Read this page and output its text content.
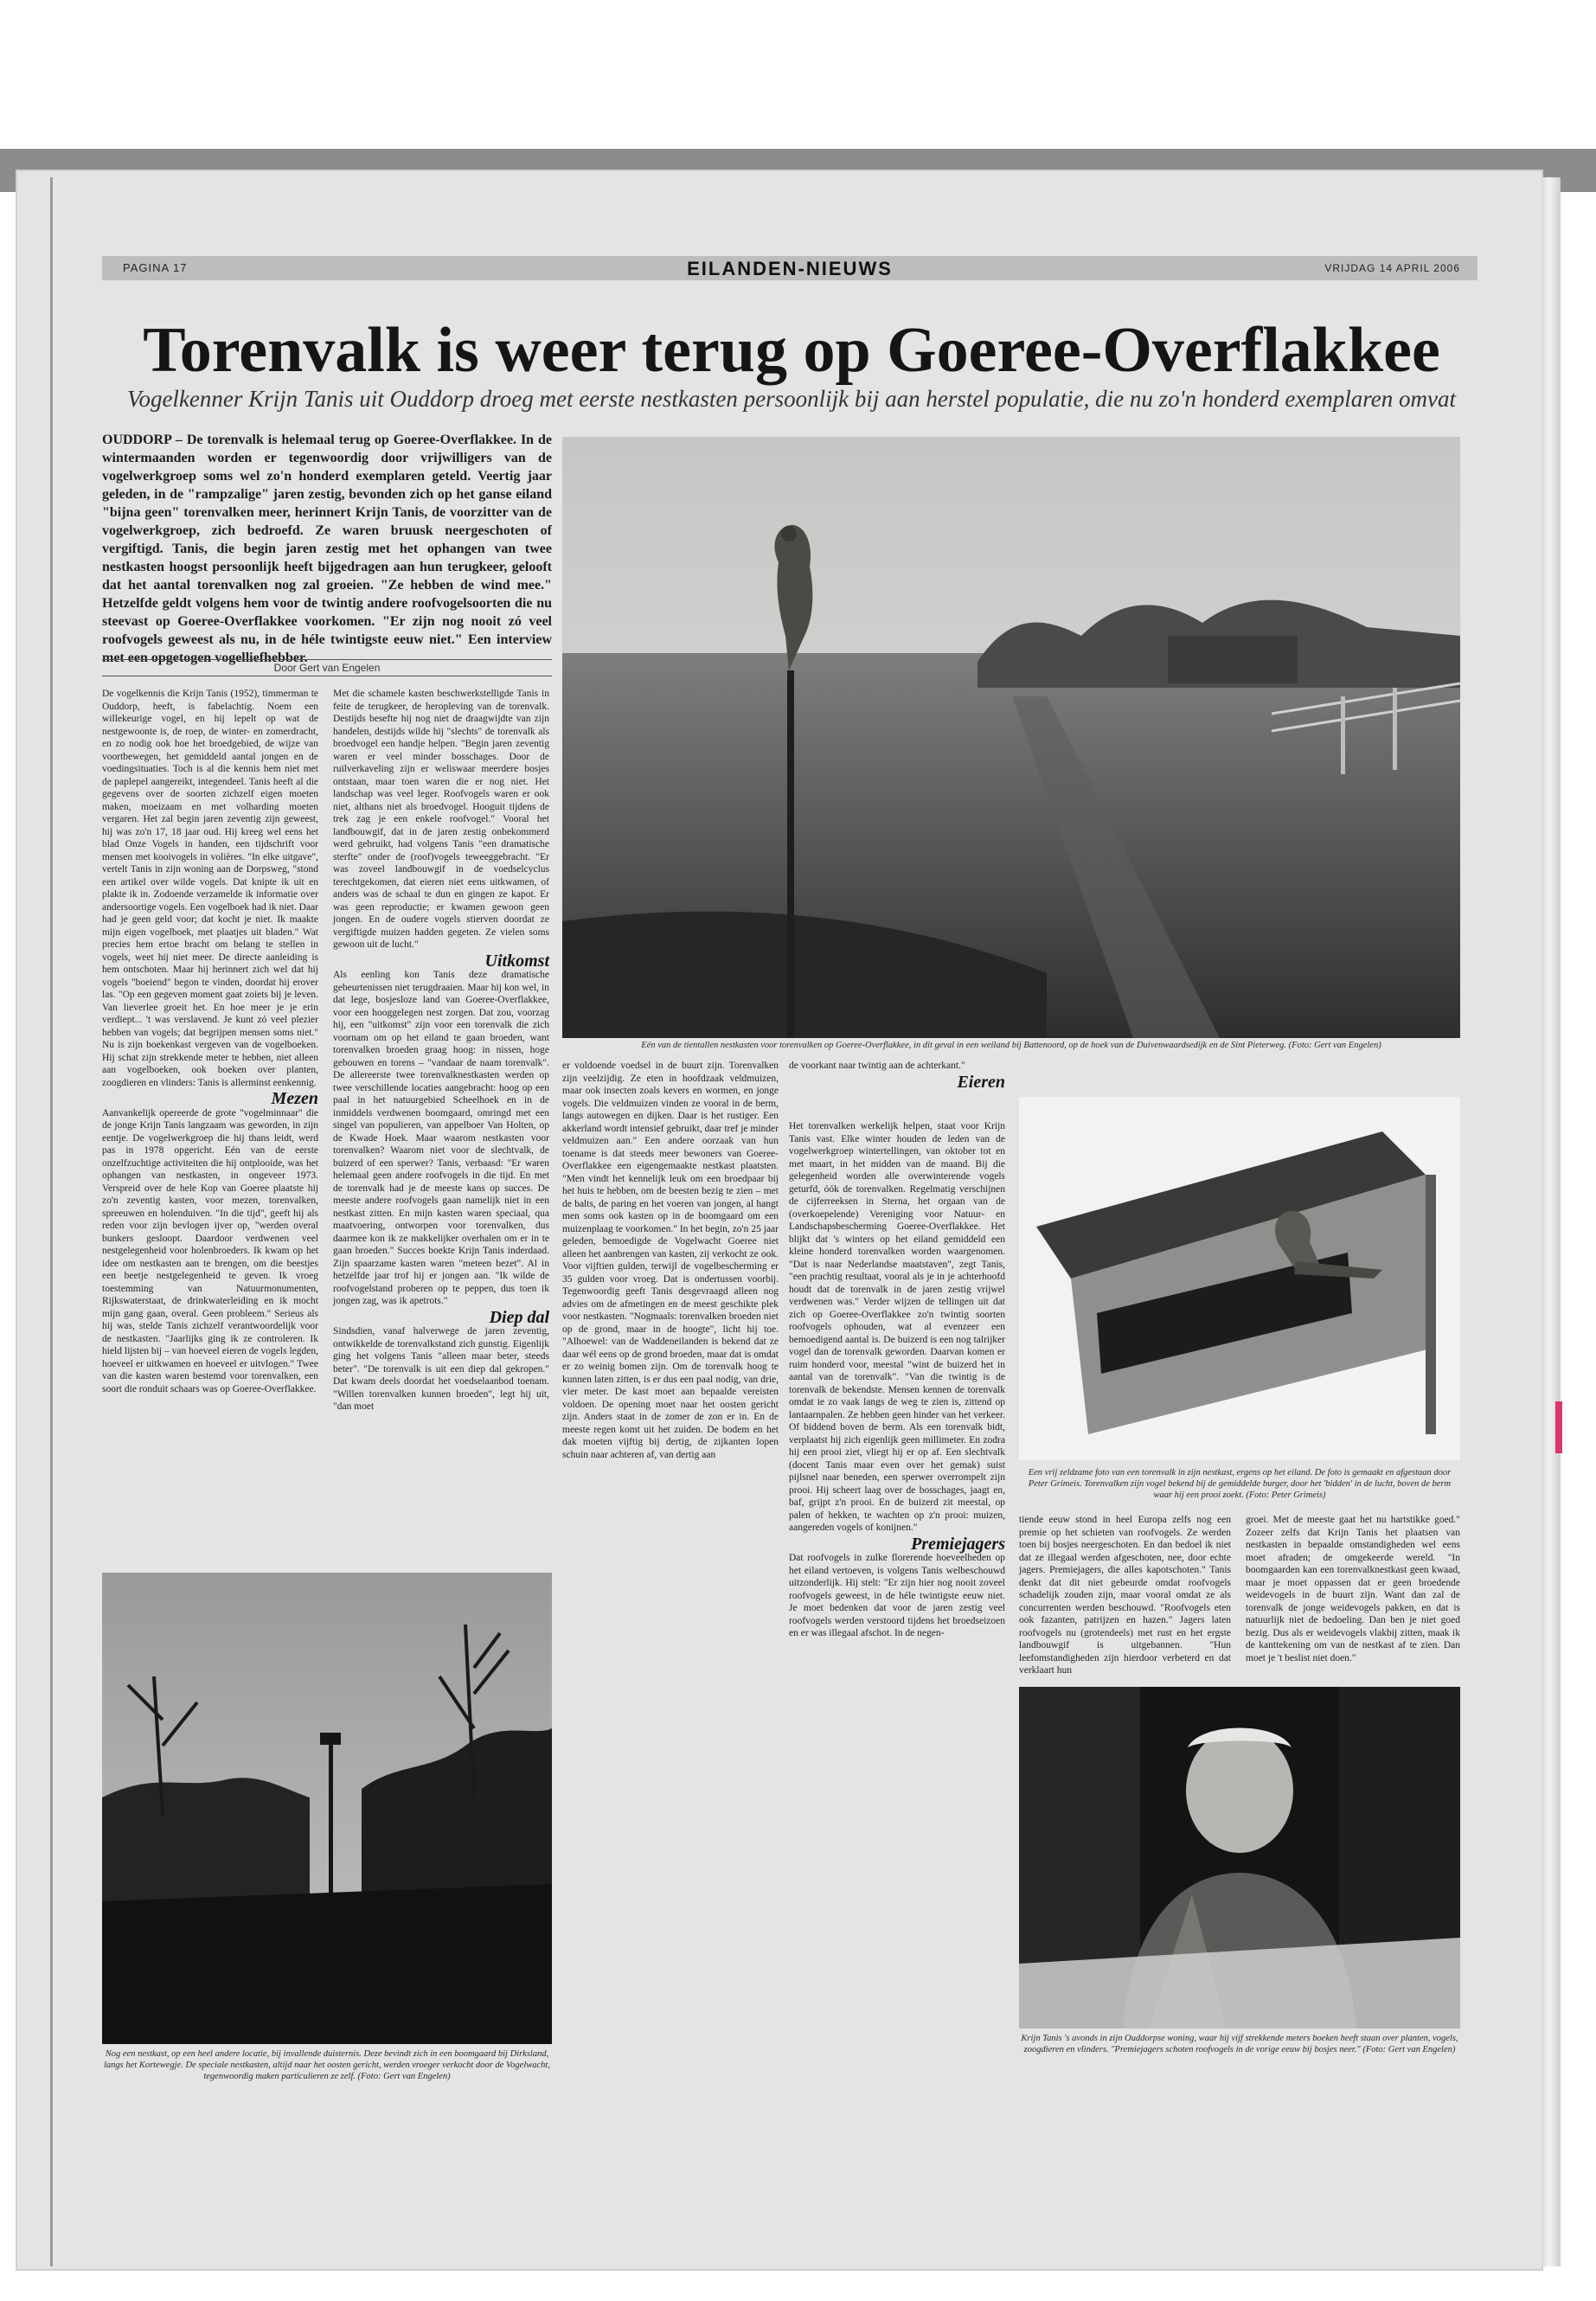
PAGINA 17	EILANDEN-NIEUWS	VRIJDAG 14 APRIL 2006
Torenvalk is weer terug op Goeree-Overflakkee

Vogelkenner Krijn Tanis uit Ouddorp droeg met eerste nestkasten persoonlijk bij aan herstel populatie, die nu zo'n honderd exemplaren omvat

OUDDORP – De torenvalk is helemaal terug op Goeree-Overflakkee. In de wintermaanden worden er tegenwoordig door vrijwilligers van de vogelwerkgroep soms wel zo'n honderd exemplaren geteld. Veertig jaar geleden, in de "rampzalige" jaren zestig, bevonden zich op het ganse eiland "bijna geen" torenvalken meer, herinnert Krijn Tanis, de voorzitter van de vogelwerkgroep, zich bedroefd. Ze waren bruusk neergeschoten of vergiftigd. Tanis, die begin jaren zestig met het ophangen van twee nestkasten hoogst persoonlijk heeft bijgedragen aan hun terugkeer, gelooft dat het aantal torenvalken nog zal groeien. "Ze hebben de wind mee." Hetzelfde geldt volgens hem voor de twintig andere roofvogelsoorten die nu steevast op Goeree-Overflakkee voorkomen. "Er zijn nog nooit zó veel roofvogels geweest als nu, in de héle twintigste eeuw niet." Een interview met een opgetogen vogelliefhebber.

Door Gert van Engelen

De vogelkennis die Krijn Tanis (1952), timmerman te Ouddorp, heeft, is fabelachtig. Noem een willekeurige vogel, en hij lepelt op wat de nestgewoonte is, de roep, de winter- en zomerdracht, en zo nodig ook hoe het broedgebied, de wijze van voortbewegen, het gemiddeld aantal jongen en de voedingsituaties. Toch is al die kennis hem niet met de paplepel aangereikt, integendeel. Tanis heeft al die gegevens over de soorten zichzelf eigen moeten maken, moeizaam en met volharding moeten vergaren. Het zal begin jaren zeventig zijn geweest, hij was zo'n 17, 18 jaar oud. Hij kreeg wel eens het blad Onze Vogels in handen, een tijdschrift voor mensen met kooivogels in volières. "In elke uitgave", vertelt Tanis in zijn woning aan de Dorpsweg, "stond een artikel over wilde vogels. Dat knipte ik uit en plakte ik in. Zodoende verzamelde ik informatie over andersoortige vogels. Een vogelboek had ik niet. Daar had je geen geld voor; dat kocht je niet. Ik maakte mijn eigen vogelboek, met plaatjes uit bladen." Wat precies hem ertoe bracht om belang te stellen in vogels, weet hij niet meer. De directe aanleiding is hem ontschoten. Maar hij herinnert zich wel dat hij vogels "boeiend" begon te vinden, doordat hij erover las. "Op een gegeven moment gaat zoiets bij je leven. Van lieverlee groeit het. En hoe meer je je erin verdiept... 't was verslavend. Je kunt zó veel plezier hebben van vogels; dat begrijpen mensen soms niet." Nu is zijn boekenkast vergeven van de vogelboeken. Hij schat zijn strekkende meter te hebben, niet alleen aan vogelboeken, ook boeken over planten, zoogdieren en vlinders: Tanis is allerminst eenkennig.

Mezen

Aanvankelijk opereerde de grote "vogelminnaar" die de jonge Krijn Tanis langzaam was geworden, in zijn eentje. De vogelwerkgroep die hij thans leidt, werd pas in 1978 opgericht. Eén van de eerste onzelfzuchtige activiteiten die hij ontplooide, was het ophangen van nestkasten, in ongeveer 1973. Verspreid over de hele Kop van Goeree plaatste hij zo'n zeventig kasten, voor mezen, torenvalken, spreeuwen en holenduiven. "In die tijd", geeft hij als reden voor zijn bevlogen ijver op, "werden overal bunkers gesloopt. Daardoor verdwenen veel nestgelegenheid voor holenbroeders. Ik kwam op het idee om nestkasten aan te brengen, om die beestjes een beetje nestgelegenheid te geven. Ik vroeg toestemming van Natuurmonumenten, Rijkswaterstaat, de drinkwaterleiding en ik mocht mijn gang gaan, overal. Geen probleem." Serieus als hij was, stelde Tanis zichzelf verantwoordelijk voor de nestkasten. "Jaarlijks ging ik ze controleren. Ik hield lijsten bij – van hoeveel eieren de vogels legden, hoeveel er uitkwamen en hoeveel er uitvlogen." Twee van die kasten waren bestemd voor torenvalken, een soort die ronduit schaars was op Goeree-Overflakkee.

Met die schamele kasten beschwerkstelligde Tanis in feite de terugkeer, de heropleving van de torenvalk. Destijds besefte hij nog niet de draagwijdte van zijn handelen, destijds wilde hij "slechts" de torenvalk als broedvogel een handje helpen. "Begin jaren zeventig waren er veel minder bosschages. Door de ruilverkaveling zijn er weliswaar meerdere bosjes ontstaan, maar toen waren die er nog niet. Het landschap was veel leger. Roofvogels waren er ook niet, althans niet als broedvogel. Hooguit tijdens de trek zag je een enkele roofvogel." Vooral het landbouwgif, dat in de jaren zestig onbekommerd werd gebruikt, had volgens Tanis "een dramatische sterfte" onder de (roof)vogels teweeggebracht. "Er was zoveel landbouwgif in de voedselcyclus terechtgekomen, dat eieren niet eens uitkwamen, of anders was de schaal te dun en gingen ze kapot. Er was geen reproductie; er kwamen gewoon geen jongen. En de oudere vogels stierven doordat ze vergiftigde muizen hadden gegeten. Ze vielen soms gewoon uit de lucht."

Uitkomst

Als eenling kon Tanis deze dramatische gebeurtenissen niet terugdraaien. Maar hij kon wel, in dat lege, bosjesloze land van Goeree-Overflakkee, voor een hooggelegen nest zorgen. Dat zou, voorzag hij, een "uitkomst" zijn voor een torenvalk die zich voornam om op het eiland te gaan broeden, want torenvalken broeden graag hoog: in nissen, hoge gebouwen en torens – "vandaar de naam torenvalk". De allereerste twee torenvalknestkasten werden op twee verschillende locaties aangebracht: hoog op een paal in het natuurgebied Scheelhoek en in de inmiddels verdwenen boomgaard, omringd met een singel van populieren, van appelboer Van Holten, op de Kwade Hoek. Maar waarom nestkasten voor torenvalken? Waarom niet voor de slechtvalk, de buizerd of een sperwer? Tanis, verbaasd: "Er waren helemaal geen andere roofvogels in die tijd. En met de torenvalk had je de meeste kans op succes. De meeste andere roofvogels gaan namelijk niet in een nestkast zitten. En mijn kasten waren speciaal, qua maatvoering, ontworpen voor torenvalken, dus daarmee kon ik ze makkelijker overhalen om er in te gaan broeden." Succes boekte Krijn Tanis inderdaad. Zijn spaarzame kasten waren "meteen bezet". Al in hetzelfde jaar trof hij er jongen aan. "Ik wilde de roofvogelstand proberen op te peppen, dus toen ik jongen zag, was ik apetrots."

Diep dal

Sindsdien, vanaf halverwege de jaren zeventig, ontwikkelde de torenvalkstand zich gunstig. Eigenlijk ging het volgens Tanis "alleen maar beter, steeds beter". "De torenvalk is uit een diep dal gekropen." Dat kwam deels doordat het voedselaanbod toenam. "Willen torenvalken kunnen broeden", legt hij uit, "dan moet

Eén van de tientallen nestkasten voor torenvalken op Goeree-Overflakkee, in dit geval in een weiland bij Battenoord, op de hoek van de Duivenwaardsedijk en de Sint Pieterweg. (Foto: Gert van Engelen)

er voldoende voedsel in de buurt zijn. Torenvalken zijn veelzijdig. Ze eten in hoofdzaak veldmuizen, maar ook insecten zoals kevers en wormen, en jonge vogels. Die veldmuizen vinden ze vooral in de berm, langs autowegen en dijken. Daar is het rustiger. Een akkerland wordt intensief gebruikt, daar tref je minder veldmuizen aan." Een andere oorzaak van hun toename is dat steeds meer bewoners van Goeree-Overflakkee een eigengemaakte nestkast plaatsten. "Men vindt het kennelijk leuk om een broedpaar bij het huis te hebben, om de beesten bezig te zien – met de balts, de paring en het voeren van jongen, al hangt men soms ook kasten op in de boomgaard om een muizenplaag te voorkomen." In het begin, zo'n 25 jaar geleden, bemoedigde de Vogelwacht Goeree niet alleen het aanbrengen van kasten, zij verkocht ze ook. Voor vijftien gulden, terwijl de vogelbescherming er 35 gulden voor vroeg. Dat is ondertussen voorbij. Tegenwoordig geeft Tanis desgevraagd alleen nog advies om de afmetingen en de meest geschikte plek voor nestkasten. "Nogmaals: torenvalken broeden niet op de grond, maar in de hoogte", licht hij toe. "Alhoewel: van de Waddeneilanden is bekend dat ze daar wél eens op de grond broeden, maar dat is omdat er zo weinig bomen zijn. Om de torenvalk hoog te kunnen laten zitten, is er dus een paal nodig, van drie, vier meter. De kast moet aan bepaalde vereisten voldoen. De opening moet naar het oosten gericht zijn. Anders staat in de zomer de zon er in. En de meeste regen komt uit het zuiden. De bodem en het dak moeten vijftig bij dertig, de zijkanten lopen schuin naar achteren af, van dertig aan

de voorkant naar twintig aan de achterkant."

Eieren

Het torenvalken werkelijk helpen, staat voor Krijn Tanis vast. Elke winter houden de leden van de vogelwerkgroep wintertellingen, van oktober tot en met maart, in het midden van de maand. Bij die gelegenheid worden alle overwinterende vogels geturfd, óók de torenvalken. Regelmatig verschijnen de cijferreeksen in Sterna, het orgaan van de (overkoepelende) Vereniging voor Natuur- en Landschapsbescherming Goeree-Overflakkee. Het blijkt dat 's winters op het eiland gemiddeld een kleine honderd torenvalken worden waargenomen. "Dat is naar Nederlandse maatstaven", zegt Tanis, "een prachtig resultaat, vooral als je in je achterhoofd houdt dat de torenvalk in de jaren zestig vrijwel verdwenen was." Verder wijzen de tellingen uit dat zich op Goeree-Overflakkee zo'n twintig soorten roofvogels ophouden, wat al evenzeer een bemoedigend aantal is. De buizerd is een nog talrijker vogel dan de torenvalk geworden. Daarvan komen er ruim honderd voor, meestal "wint de buizerd het in aantal van de torenvalk". "Van die twintig is de torenvalk de bekendste. Mensen kennen de torenvalk omdat ie zo vaak langs de weg te zien is, zittend op lantaarnpalen. Ze hebben geen hinder van het verkeer. Of biddend boven de berm. Als een torenvalk bidt, verplaatst hij zich eigenlijk geen millimeter. En zodra hij een prooi ziet, vliegt hij er op af. Een slechtvalk (docent Tanis maar even over het gemak) suist pijlsnel naar beneden, een sperwer overrompelt zijn prooi. Hij scheert laag over de bosschages, jaagt en, baf, grijpt z'n prooi. En de buizerd zit meestal, op palen of hekken, te wachten op z'n prooi: muizen, aangereden vogels of konijnen."

Premiejagers

Dat roofvogels in zulke florerende hoeveelheden op het eiland vertoeven, is volgens Tanis welbeschouwd uitzonderlijk. Hij stelt: "Er zijn hier nog nooit zoveel roofvogels geweest, in de héle twintigste eeuw niet. Je moet bedenken dat voor de jaren zestig veel roofvogels werden verstoord tijdens het broedseizoen en er was illegaal afschot. In de negen-

Een vrij zeldzame foto van een torenvalk in zijn nestkast, ergens op het eiland. De foto is gemaakt en afgestaan door Peter Grimeis. Torenvalken zijn vogel bekend bij de gemiddelde burger, door het 'bidden' in de lucht, boven de berm waar hij een prooi zoekt. (Foto: Peter Grimeis)

tiende eeuw stond in heel Europa zelfs nog een premie op het schieten van roofvogels. Ze werden toen bij bosjes neergeschoten. En dan bedoel ik niet dat ze illegaal werden afgeschoten, nee, door echte jagers. Premiejagers, die alles kapotschoten." Tanis denkt dat dit niet gebeurde omdat roofvogels schadelijk zouden zijn, maar vooral omdat ze als concurrenten werden beschouwd. "Roofvogels eten ook fazanten, patrijzen en hazen." Jagers laten roofvogels nu (grotendeels) met rust en het ergste landbouwgif is uitgebannen. "Hun leefomstandigheden zijn hierdoor verbeterd en dat verklaart hun

groei. Met de meeste gaat het nu hartstikke goed." Zozeer zelfs dat Krijn Tanis het plaatsen van nestkasten in bepaalde omstandigheden wel eens moet afraden; de omgekeerde wereld. "In boomgaarden kan een torenvalknestkast geen kwaad, maar je moet oppassen dat er geen broedende weidevogels in de buurt zijn. Want dan zal de torenvalk de jonge weidevogels pakken, en dat is natuurlijk niet de bedoeling. Dan ben je niet goed bezig. Dus als er weidevogels vlakbij zitten, maak ik de kanttekening om van de nestkast af te zien. Dan moet je 't beslist niet doen."

Krijn Tanis 's avonds in zijn Ouddorpse woning, waar hij vijf strekkende meters boeken heeft staan over planten, vogels, zoogdieren en vlinders. "Premiejagers schoten roofvogels in de vorige eeuw bij bosjes neer." (Foto: Gert van Engelen)
Nog een nestkast, op een heel andere locatie, bij invallende duisternis. Deze bevindt zich in een boomgaard bij Dirksland, langs het Kortewegje. De speciale nestkasten, altijd naar het oosten gericht, werden vroeger verkocht door de Vogelwacht, tegenwoordig maken particulieren ze zelf. (Foto: Gert van Engelen)
